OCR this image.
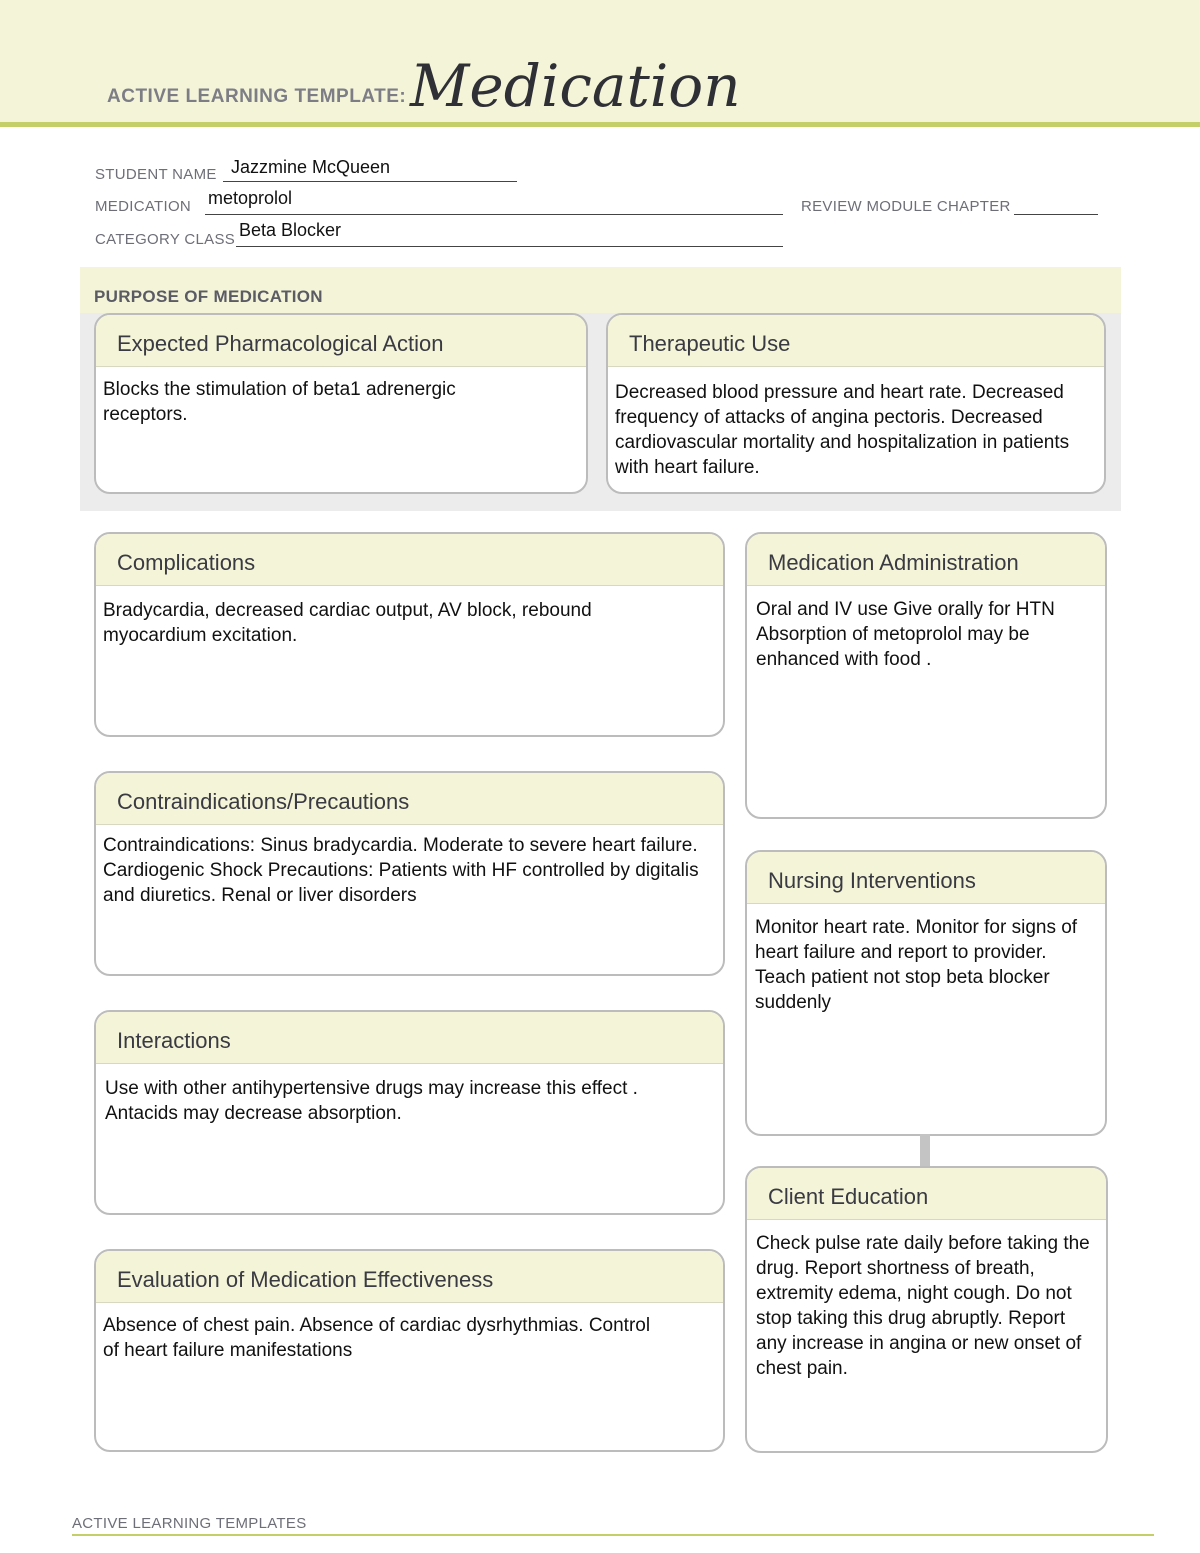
ACTIVE LEARNING TEMPLATE: Medication
STUDENT NAME Jazzmine McQueen
MEDICATION metoprolol	REVIEW MODULE CHAPTER
CATEGORY CLASS Beta Blocker
PURPOSE OF MEDICATION
Expected Pharmacological Action
Blocks the stimulation of beta1 adrenergic receptors.
Therapeutic Use
Decreased blood pressure and heart rate. Decreased frequency of attacks of angina pectoris. Decreased cardiovascular mortality and hospitalization in patients with heart failure.
Complications
Bradycardia, decreased cardiac output, AV block, rebound myocardium excitation.
Contraindications/Precautions
Contraindications: Sinus bradycardia. Moderate to severe heart failure. Cardiogenic Shock Precautions: Patients with HF controlled by digitalis and diuretics. Renal or liver disorders
Interactions
Use with other antihypertensive drugs may increase this effect . Antacids may decrease absorption.
Evaluation of Medication Effectiveness
Absence of chest pain. Absence of cardiac dysrhythmias. Control of heart failure manifestations
Medication Administration
Oral and IV use Give orally for HTN Absorption of metoprolol may be enhanced with food .
Nursing Interventions
Monitor heart rate. Monitor for signs of heart failure and report to provider. Teach patient not stop beta blocker suddenly
Client Education
Check pulse rate daily before taking the drug. Report shortness of breath, extremity edema, night cough. Do not stop taking this drug abruptly. Report any increase in angina or new onset of chest pain.
ACTIVE LEARNING TEMPLATES
